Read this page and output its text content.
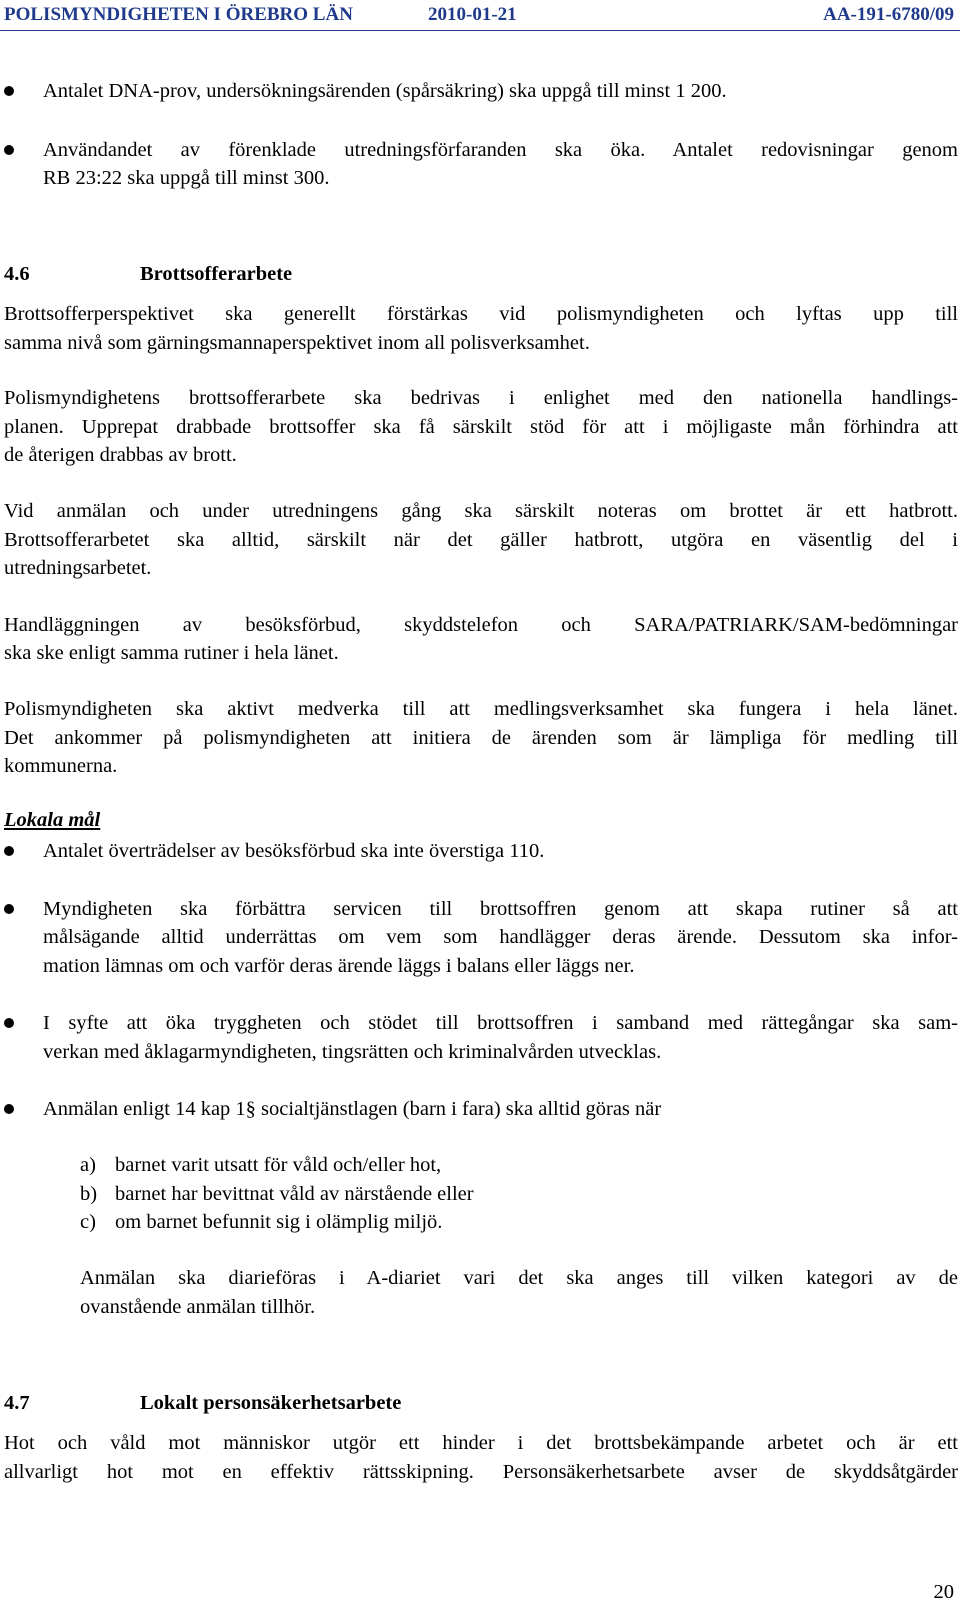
POLISMYNDIGHETEN I ÖREBRO LÄN	2010-01-21	AA-191-6780/09
Antalet DNA-prov, undersökningsärenden (spårsäkring) ska uppgå till minst 1 200.
Användandet av förenklade utredningsförfaranden ska öka. Antalet redovisningar genom
RB 23:22 ska uppgå till minst 300.
4.6	Brottsofferarbete
Brottsofferperspektivet ska generellt förstärkas vid polismyndigheten och lyftas upp till
samma nivå som gärningsmannaperspektivet inom all polisverksamhet.
Polismyndighetens brottsofferarbete ska bedrivas i enlighet med den nationella handlings-
planen. Upprepat drabbade brottsoffer ska få särskilt stöd för att i möjligaste mån förhindra att
de återigen drabbas av brott.
Vid anmälan och under utredningens gång ska särskilt noteras om brottet är ett hatbrott.
Brottsofferarbetet ska alltid, särskilt när det gäller hatbrott, utgöra en väsentlig del i
utredningsarbetet.
Handläggningen av besöksförbud, skyddstelefon och SARA/PATRIARK/SAM-bedömningar
ska ske enligt samma rutiner i hela länet.
Polismyndigheten ska aktivt medverka till att medlingsverksamhet ska fungera i hela länet.
Det ankommer på polismyndigheten att initiera de ärenden som är lämpliga för medling till
kommunerna.
Lokala mål
Antalet överträdelser av besöksförbud ska inte överstiga 110.
Myndigheten ska förbättra servicen till brottsoffren genom att skapa rutiner så att
målsägande alltid underrättas om vem som handlägger deras ärende. Dessutom ska infor-
mation lämnas om och varför deras ärende läggs i balans eller läggs ner.
I syfte att öka tryggheten och stödet till brottsoffren i samband med rättegångar ska sam-
verkan med åklagarmyndigheten, tingsrätten och kriminalvården utvecklas.
Anmälan enligt 14 kap 1§ socialtjänstlagen (barn i fara) ska alltid göras när
a) barnet varit utsatt för våld och/eller hot,
b) barnet har bevittnat våld av närstående eller
c) om barnet befunnit sig i olämplig miljö.
Anmälan ska diarieföras i A-diariet vari det ska anges till vilken kategori av de
ovanstående anmälan tillhör.
4.7	Lokalt personsäkerhetsarbete
Hot och våld mot människor utgör ett hinder i det brottsbekämpande arbetet och är ett
allvarligt hot mot en effektiv rättsskipning. Personsäkerhetsarbete avser de skyddsåtgärder
20
